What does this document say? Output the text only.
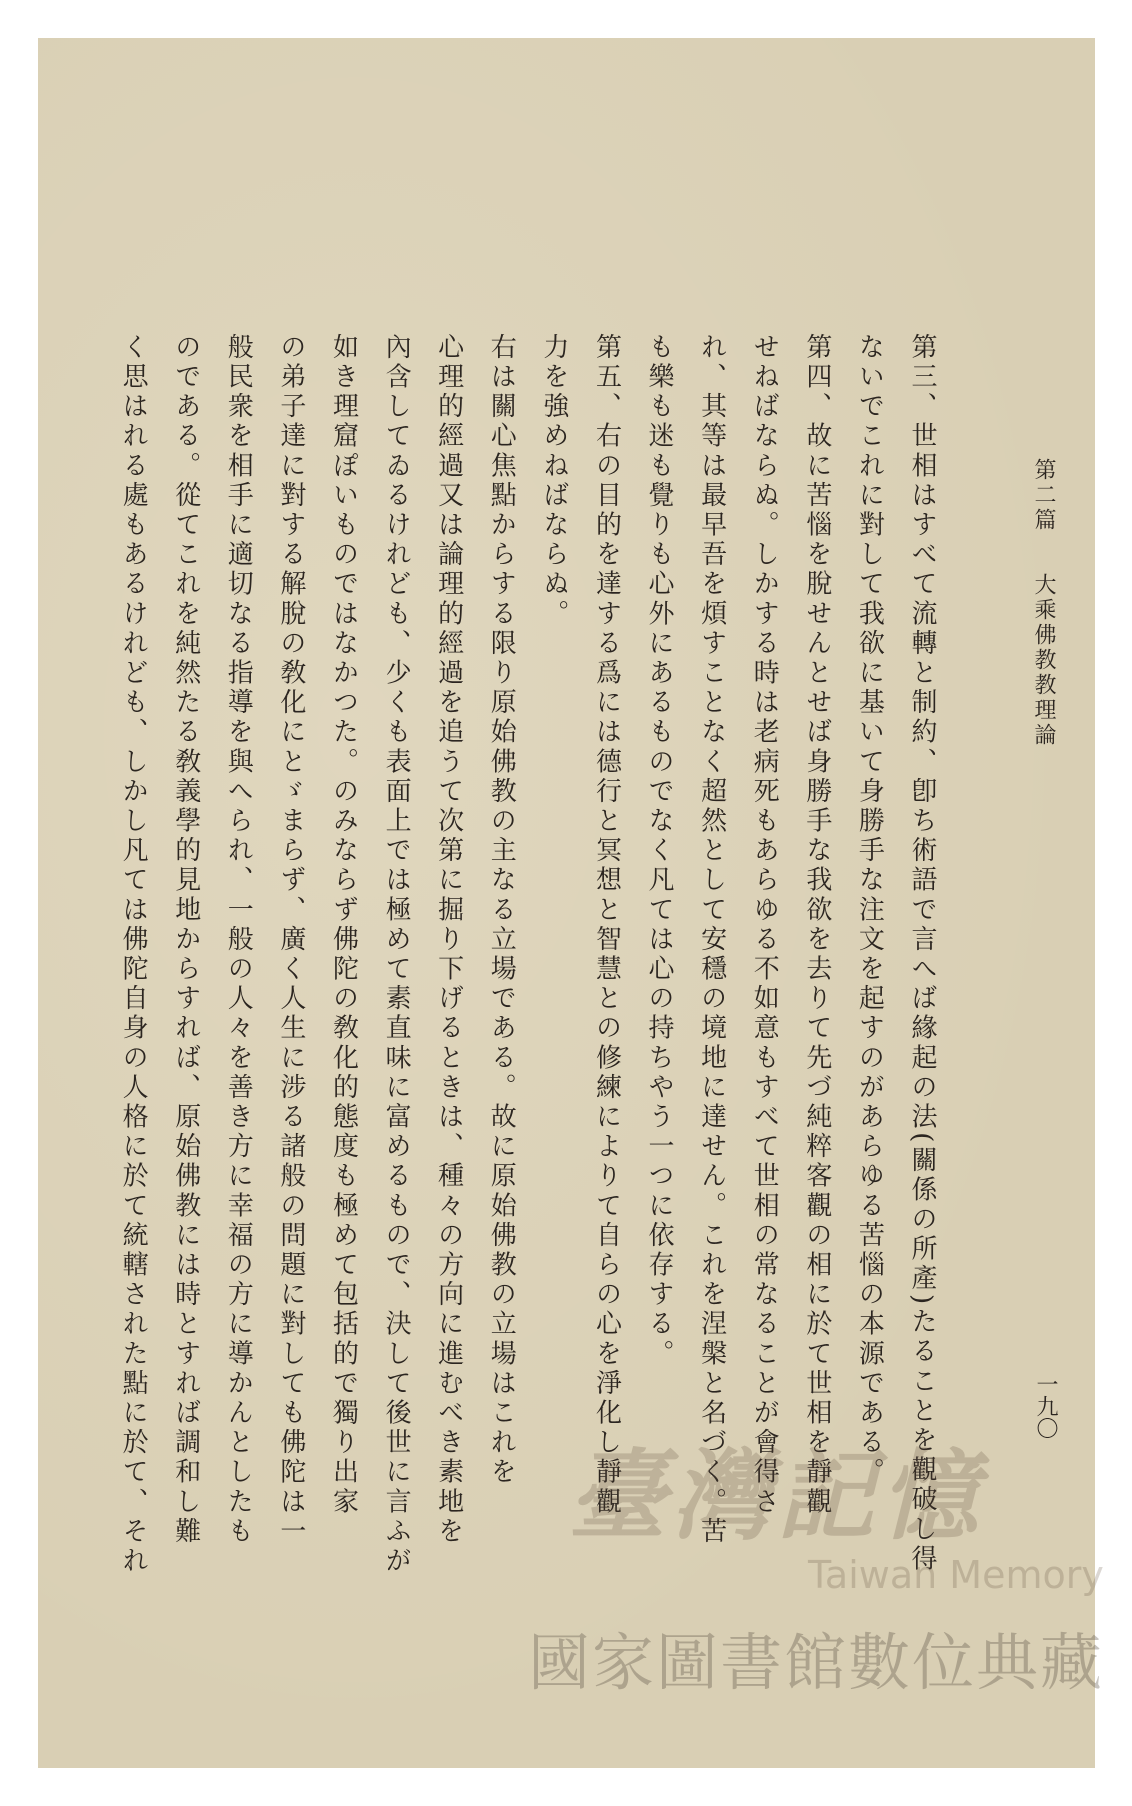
第二篇大乘佛教教理論
一九〇
第三、世相はすべて流轉と制約、卽ち術語で言へば緣起の法(關係の所產)たることを觀破し得
ないでこれに對して我欲に基いて身勝手な注文を起すのがあらゆる苦惱の本源である。
第四、故に苦惱を脫せんとせば身勝手な我欲を去りて先づ純粹客觀の相に於て世相を靜觀
せねばならぬ。しかする時は老病死もあらゆる不如意もすべて世相の常なることが會得さ
れ、其等は最早吾を煩すことなく超然として安穩の境地に達せん。これを涅槃と名づく。苦
も樂も迷も覺りも心外にあるものでなく凡ては心の持ちやう一つに依存する。
第五、右の目的を達する爲には德行と冥想と智慧との修練によりて自らの心を淨化し靜觀
力を強めねばならぬ。
右は關心焦點からする限り原始佛教の主なる立場である。故に原始佛教の立場はこれを
心理的經過又は論理的經過を追うて次第に掘り下げるときは、種々の方向に進むべき素地を
內含してゐるけれども、少くも表面上では極めて素直味に富めるもので、決して後世に言ふが
如き理窟ぽいものではなかつた。のみならず佛陀の敎化的態度も極めて包括的で獨り出家
の弟子達に對する解脫の敎化にとゞまらず、廣く人生に涉る諸般の問題に對しても佛陀は一
般民衆を相手に適切なる指導を與へられ、一般の人々を善き方に幸福の方に導かんとしたも
のである。從てこれを純然たる敎義學的見地からすれば、原始佛教には時とすれば調和し難
く思はれる處もあるけれども、しかし凡ては佛陀自身の人格に於て統轄された點に於て、それ	臺灣記憶
Taiwan Memory
國家圖書館數位典藏
